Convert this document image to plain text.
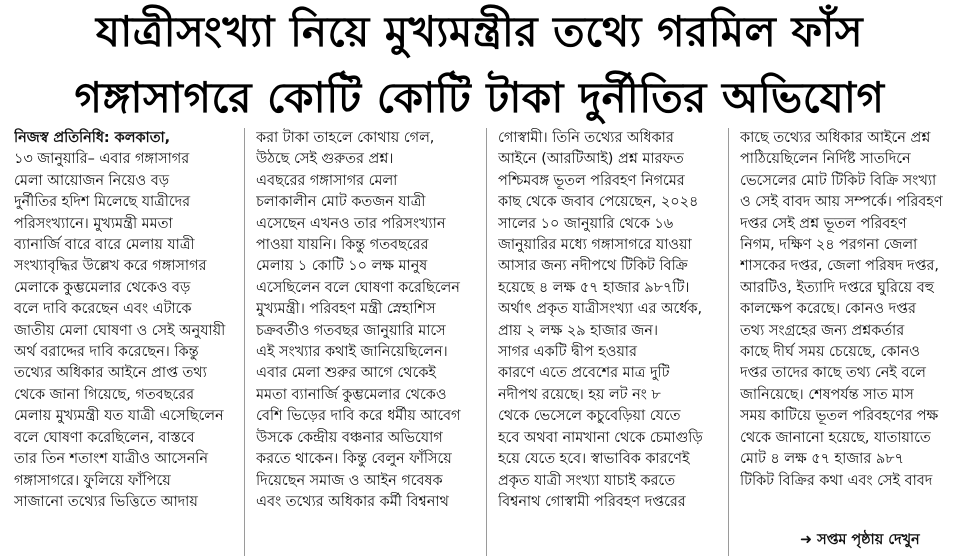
যাত্রীসংখ্যা নিয়ে মুখ্যমন্ত্রীর তথ্যে গরমিল ফাঁস
গঙ্গাসাগরে কোটি কোটি টাকা দুর্নীতির অভিযোগ
নিজস্ব প্রতিনিধি: কলকাতা,
১৩ জানুয়ারি– এবার গঙ্গাসাগর
মেলা আয়োজন নিয়েও বড়
দুর্নীতির হদিশ মিলেছে যাত্রীদের
পরিসংখ্যানে। মুখ্যমন্ত্রী মমতা
ব্যানার্জি বারে বারে মেলায় যাত্রী
সংখ্যাবৃদ্ধির উল্লেখ করে গঙ্গাসাগর
মেলাকে কুম্ভমেলার থেকেও বড়
বলে দাবি করেছেন এবং এটাকে
জাতীয় মেলা ঘোষণা ও সেই অনুযায়ী
অর্থ বরাদ্দের দাবি করেছেন। কিন্তু
তথ্যের অধিকার আইনে প্রাপ্ত তথ্য
থেকে জানা গিয়েছে, গতবছরের
মেলায় মুখ্যমন্ত্রী যত যাত্রী এসেছিলেন
বলে ঘোষণা করেছিলেন, বাস্তবে
তার তিন শতাংশ যাত্রীও আসেননি
গঙ্গাসাগরে। ফুলিয়ে ফাঁপিয়ে
সাজানো তথ্যের ভিত্তিতে আদায়
করা টাকা তাহলে কোথায় গেল,
উঠছে সেই গুরুতর প্রশ্ন।
এবছরের গঙ্গাসাগর মেলা
চলাকালীন মোট কতজন যাত্রী
এসেছেন এখনও তার পরিসংখ্যান
পাওয়া যায়নি। কিন্তু গতবছরের
মেলায় ১ কোটি ১০ লক্ষ মানুষ
এসেছিলেন বলে ঘোষণা করেছিলেন
মুখ্যমন্ত্রী। পরিবহণ মন্ত্রী স্নেহাশিস
চক্রবর্তীও গতবছর জানুয়ারি মাসে
এই সংখ্যার কথাই জানিয়েছিলেন।
এবার মেলা শুরুর আগে থেকেই
মমতা ব্যানার্জি কুম্ভমেলার থেকেও
বেশি ভিড়ের দাবি করে ধর্মীয় আবেগ
উসকে কেন্দ্রীয় বঞ্চনার অভিযোগ
করতে থাকেন। কিন্তু বেলুন ফাঁসিয়ে
দিয়েছেন সমাজ ও আইন গবেষক
এবং তথ্যের অধিকার কর্মী বিশ্বনাথ
গোস্বামী। তিনি তথ্যের অধিকার
আইনে (আরটিআই) প্রশ্ন মারফত
পশ্চিমবঙ্গ ভূতল পরিবহণ নিগমের
কাছ থেকে জবাব পেয়েছেন, ২০২৪
সালের ১০ জানুয়ারি থেকে ১৬
জানুয়ারির মধ্যে গঙ্গাসাগরে যাওয়া
আসার জন্য নদীপথে টিকিট বিক্রি
হয়েছে ৪ লক্ষ ৫৭ হাজার ৯৮৭টি।
অর্থাৎ প্রকৃত যাত্রীসংখ্যা এর অর্ধেক,
প্রায় ২ লক্ষ ২৯ হাজার জন।
সাগর একটি দ্বীপ হওয়ার
কারণে এতে প্রবেশের মাত্র দুটি
নদীপথ রয়েছে। হয় লট নং ৮
থেকে ভেসেলে কচুবেড়িয়া যেতে
হবে অথবা নামখানা থেকে চেমাগুড়ি
হয়ে যেতে হবে। স্বাভাবিক কারণেই
প্রকৃত যাত্রী সংখ্যা যাচাই করতে
বিশ্বনাথ গোস্বামী পরিবহণ দপ্তরের
কাছে তথ্যের অধিকার আইনে প্রশ্ন
পাঠিয়েছিলেন নির্দিষ্ট সাতদিনে
ভেসেলের মোট টিকিট বিক্রি সংখ্যা
ও সেই বাবদ আয় সম্পর্কে। পরিবহণ
দপ্তর সেই প্রশ্ন ভূতল পরিবহণ
নিগম, দক্ষিণ ২৪ পরগনা জেলা
শাসকের দপ্তর, জেলা পরিষদ দপ্তর,
আরটিও, ইত্যাদি দপ্তরে ঘুরিয়ে বহু
কালক্ষেপ করেছে। কোনও দপ্তর
তথ্য সংগ্রহের জন্য প্রশ্নকর্তার
কাছে দীর্ঘ সময় চেয়েছে, কোনও
দপ্তর তাদের কাছে তথ্য নেই বলে
জানিয়েছে। শেষপর্যন্ত সাত মাস
সময় কাটিয়ে ভূতল পরিবহণের পক্ষ
থেকে জানানো হয়েছে, যাতায়াতে
মোট ৪ লক্ষ ৫৭ হাজার ৯৮৭
টিকিট বিক্রির কথা এবং সেই বাবদ
➜ সপ্তম পৃষ্ঠায় দেখুন
